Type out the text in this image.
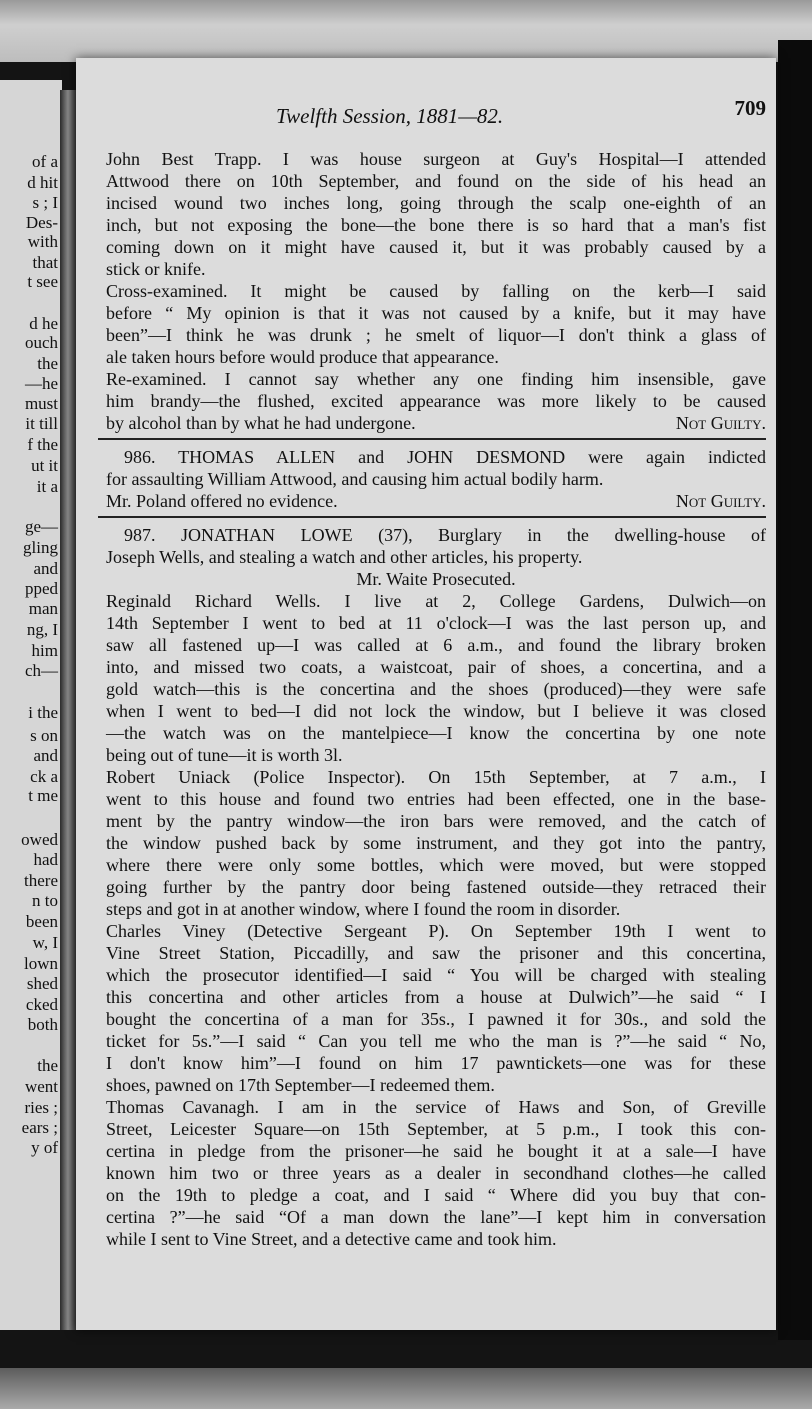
of a
d hit
s ; I
Des-
with
that
t see
d he
ouch
the
—he
must
it till
f the
ut it
it a
ge—
gling
and
pped
man
ng, I
him
ch—
i the
s on
and
ck a
t me
owed
had
there
n to
been
w, I
lown
shed
cked
both
the
went
ries ;
ears ;
y of
Twelfth Session, 1881—82.	709
John Best Trapp. I was house surgeon at Guy's Hospital—I attended
Attwood there on 10th September, and found on the side of his head an
incised wound two inches long, going through the scalp one-eighth of an
inch, but not exposing the bone—the bone there is so hard that a man's fist
coming down on it might have caused it, but it was probably caused by a
stick or knife.
Cross-examined. It might be caused by falling on the kerb—I said
before “ My opinion is that it was not caused by a knife, but it may have
been”—I think he was drunk ; he smelt of liquor—I don't think a glass of
ale taken hours before would produce that appearance.
Re-examined. I cannot say whether any one finding him insensible, gave
him brandy—the flushed, excited appearance was more likely to be caused
by alcohol than by what he had undergone.	Not Guilty.
986. THOMAS ALLEN and JOHN DESMOND were again indicted
for assaulting William Attwood, and causing him actual bodily harm.
Mr. Poland offered no evidence.	Not Guilty.
987. JONATHAN LOWE (37), Burglary in the dwelling-house of
Joseph Wells, and stealing a watch and other articles, his property.
Mr. Waite Prosecuted.
Reginald Richard Wells. I live at 2, College Gardens, Dulwich—on
14th September I went to bed at 11 o'clock—I was the last person up, and
saw all fastened up—I was called at 6 a.m., and found the library broken
into, and missed two coats, a waistcoat, pair of shoes, a concertina, and a
gold watch—this is the concertina and the shoes (produced)—they were safe
when I went to bed—I did not lock the window, but I believe it was closed
—the watch was on the mantelpiece—I know the concertina by one note
being out of tune—it is worth 3l.
Robert Uniack (Police Inspector). On 15th September, at 7 a.m., I
went to this house and found two entries had been effected, one in the base-
ment by the pantry window—the iron bars were removed, and the catch of
the window pushed back by some instrument, and they got into the pantry,
where there were only some bottles, which were moved, but were stopped
going further by the pantry door being fastened outside—they retraced their
steps and got in at another window, where I found the room in disorder.
Charles Viney (Detective Sergeant P). On September 19th I went to
Vine Street Station, Piccadilly, and saw the prisoner and this concertina,
which the prosecutor identified—I said “ You will be charged with stealing
this concertina and other articles from a house at Dulwich”—he said “ I
bought the concertina of a man for 35s., I pawned it for 30s., and sold the
ticket for 5s.”—I said “ Can you tell me who the man is ?”—he said “ No,
I don't know him”—I found on him 17 pawntickets—one was for these
shoes, pawned on 17th September—I redeemed them.
Thomas Cavanagh. I am in the service of Haws and Son, of Greville
Street, Leicester Square—on 15th September, at 5 p.m., I took this con-
certina in pledge from the prisoner—he said he bought it at a sale—I have
known him two or three years as a dealer in secondhand clothes—he called
on the 19th to pledge a coat, and I said “ Where did you buy that con-
certina ?”—he said “Of a man down the lane”—I kept him in conversation
while I sent to Vine Street, and a detective came and took him.
